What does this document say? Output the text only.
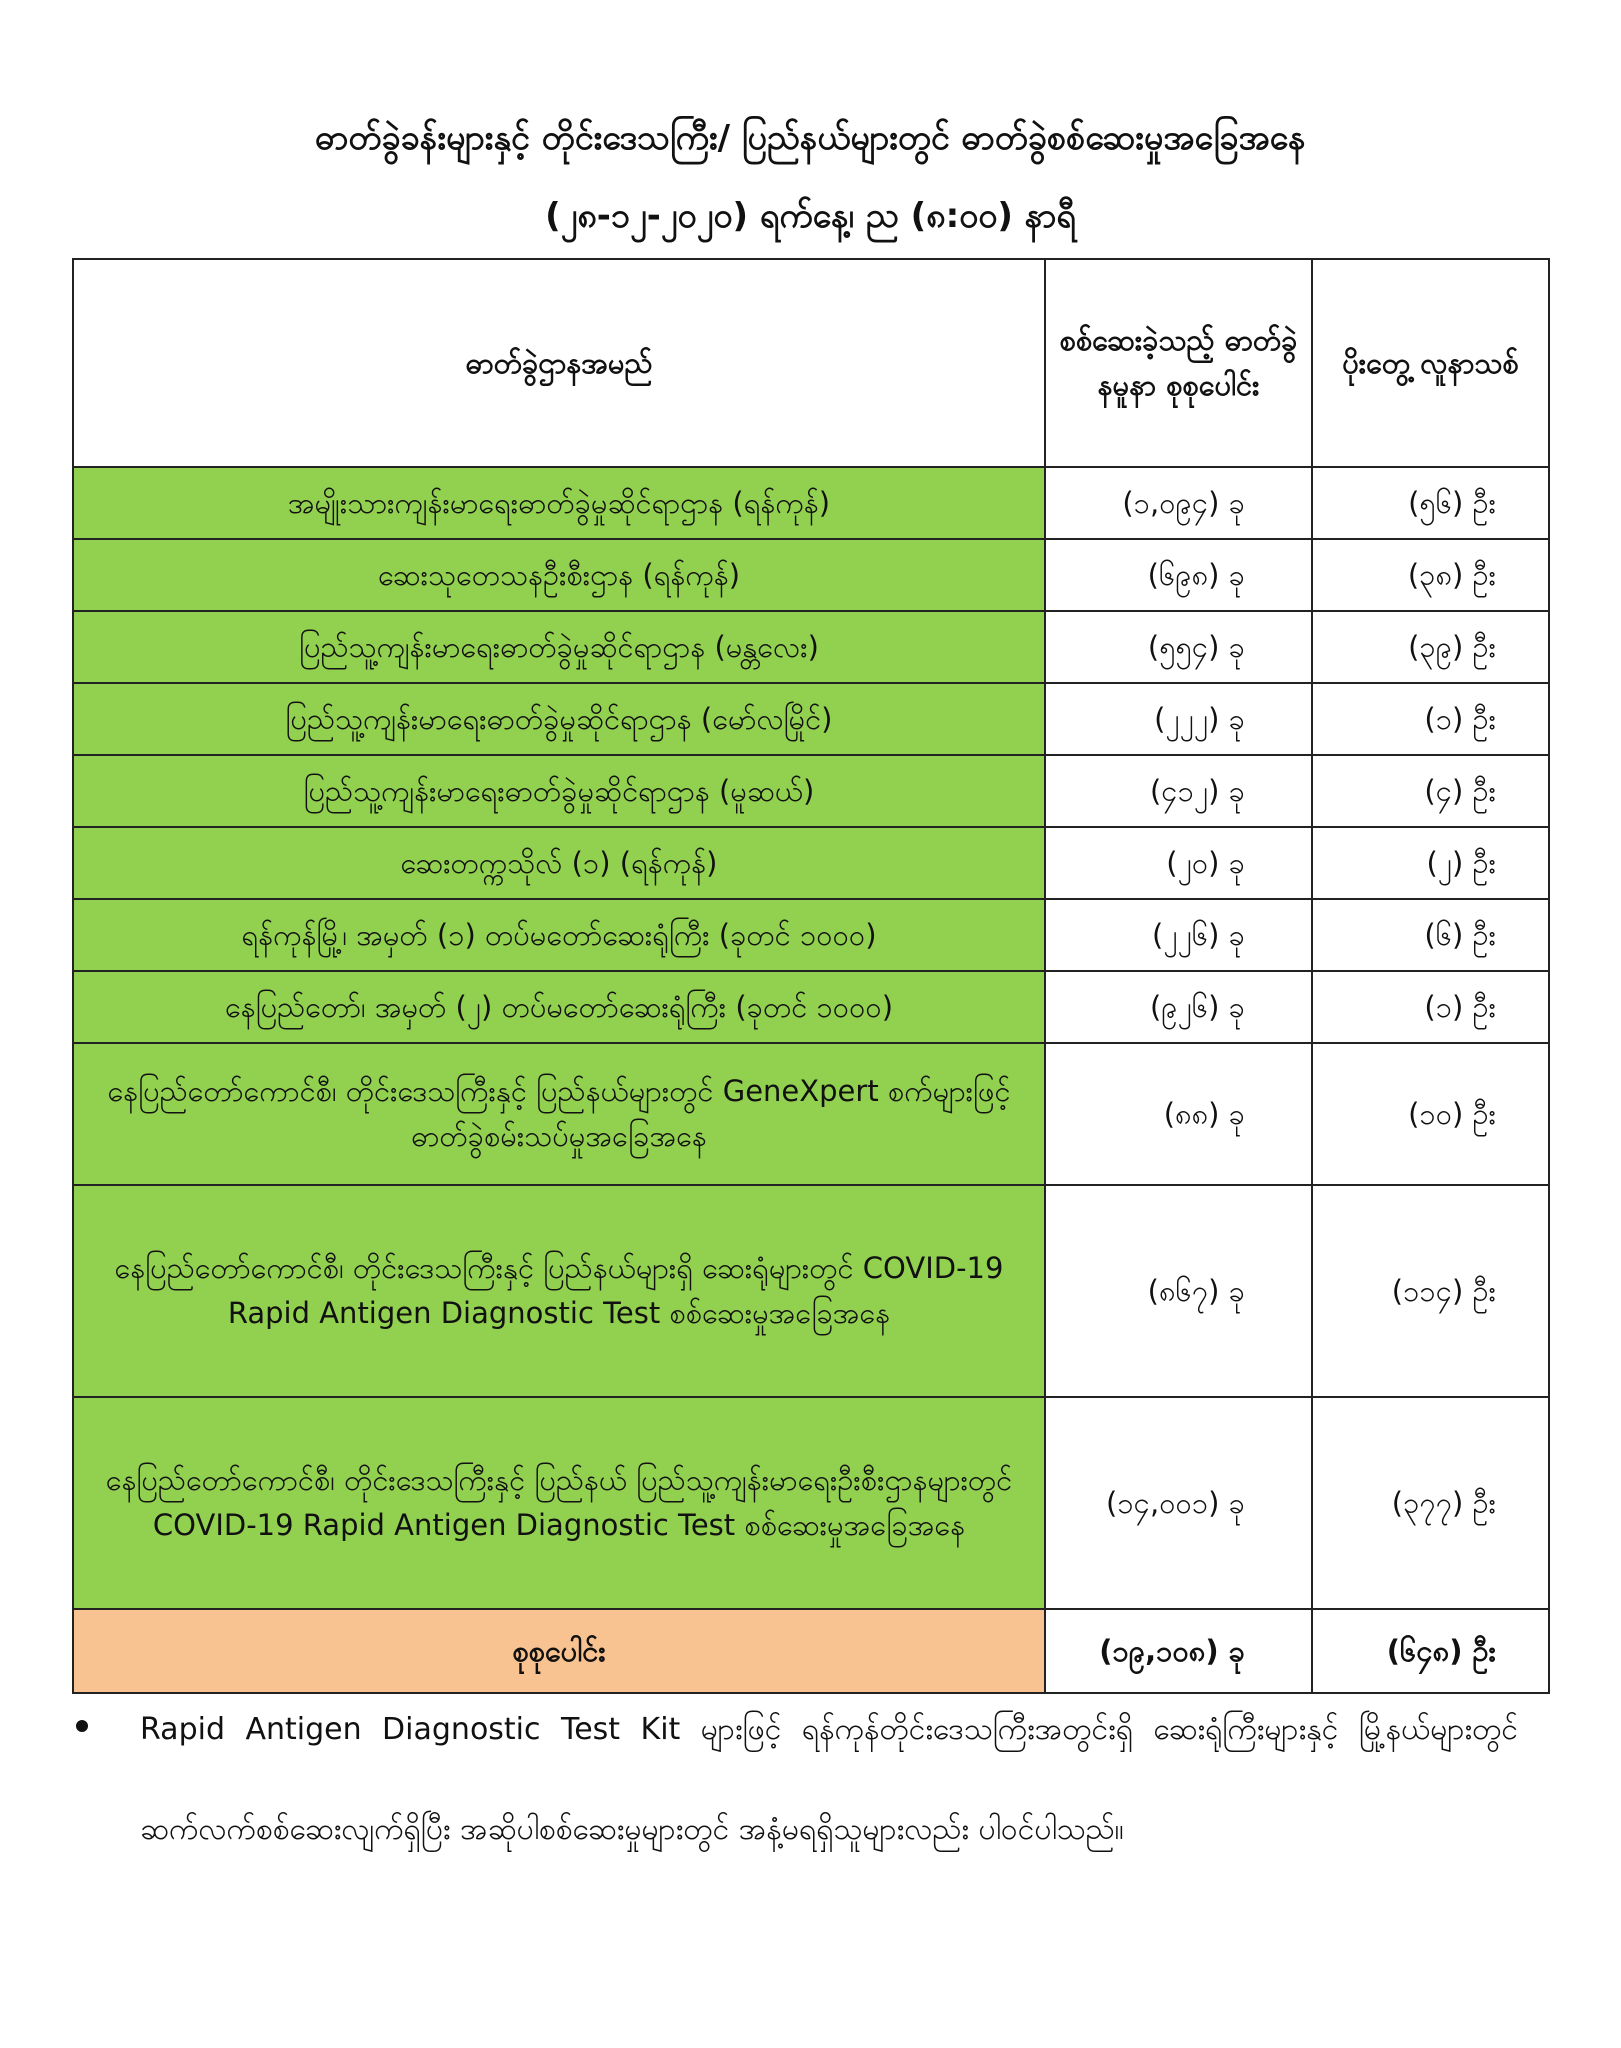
ဓာတ်ခွဲခန်းများနှင့် တိုင်းဒေသကြီး/ ပြည်နယ်များတွင် ဓာတ်ခွဲစစ်ဆေးမှုအခြေအနေ
(၂၈-၁၂-၂၀၂၀) ရက်နေ့၊ ည (၈:၀၀) နာရီ
ဓာတ်ခွဲဌာနအမည်	စစ်ဆေးခဲ့သည့် ဓာတ်ခွဲနမူနာ စုစုပေါင်း	ပိုးတွေ့ လူနာသစ်
အမျိုးသားကျန်းမာရေးဓာတ်ခွဲမှုဆိုင်ရာဌာန (ရန်ကုန်)	(၁,၀၉၄) ခု	(၅၆) ဦး
ဆေးသုတေသနဦးစီးဌာန (ရန်ကုန်)	(၆၉၈) ခု	(၃၈) ဦး
ပြည်သူ့ကျန်းမာရေးဓာတ်ခွဲမှုဆိုင်ရာဌာန (မန္တလေး)	(၅၅၄) ခု	(၃၉) ဦး
ပြည်သူ့ကျန်းမာရေးဓာတ်ခွဲမှုဆိုင်ရာဌာန (မော်လမြိုင်)	(၂၂၂) ခု	(၁) ဦး
ပြည်သူ့ကျန်းမာရေးဓာတ်ခွဲမှုဆိုင်ရာဌာန (မူဆယ်)	(၄၁၂) ခု	(၄) ဦး
ဆေးတက္ကသိုလ် (၁) (ရန်ကုန်)	(၂၀) ခု	(၂) ဦး
ရန်ကုန်မြို့၊ အမှတ် (၁) တပ်မတော်ဆေးရုံကြီး (ခုတင် ၁၀၀၀)	(၂၂၆) ခု	(၆) ဦး
နေပြည်တော်၊ အမှတ် (၂) တပ်မတော်ဆေးရုံကြီး (ခုတင် ၁၀၀၀)	(၉၂၆) ခု	(၁) ဦး
နေပြည်တော်ကောင်စီ၊ တိုင်းဒေသကြီးနှင့် ပြည်နယ်များတွင် GeneXpert စက်များဖြင့် ဓာတ်ခွဲစမ်းသပ်မှုအခြေအနေ	(၈၈) ခု	(၁၀) ဦး
နေပြည်တော်ကောင်စီ၊ တိုင်းဒေသကြီးနှင့် ပြည်နယ်များရှိ ဆေးရုံများတွင် COVID-19 Rapid Antigen Diagnostic Test စစ်ဆေးမှုအခြေအနေ	(၈၆၇) ခု	(၁၁၄) ဦး
နေပြည်တော်ကောင်စီ၊ တိုင်းဒေသကြီးနှင့် ပြည်နယ် ပြည်သူ့ကျန်းမာရေးဦးစီးဌာနများတွင် COVID-19 Rapid Antigen Diagnostic Test စစ်ဆေးမှုအခြေအနေ	(၁၄,၀၀၁) ခု	(၃၇၇) ဦး
စုစုပေါင်း	(၁၉,၁၀၈) ခု	(၆၄၈) ဦး
Rapid Antigen Diagnostic Test Kit များဖြင့် ရန်ကုန်တိုင်းဒေသကြီးအတွင်းရှိ ဆေးရုံကြီးများနှင့် မြို့နယ်များတွင် ဆက်လက်စစ်ဆေးလျက်ရှိပြီး အဆိုပါစစ်ဆေးမှုများတွင် အနံ့မရရှိသူများလည်း ပါဝင်ပါသည်။
